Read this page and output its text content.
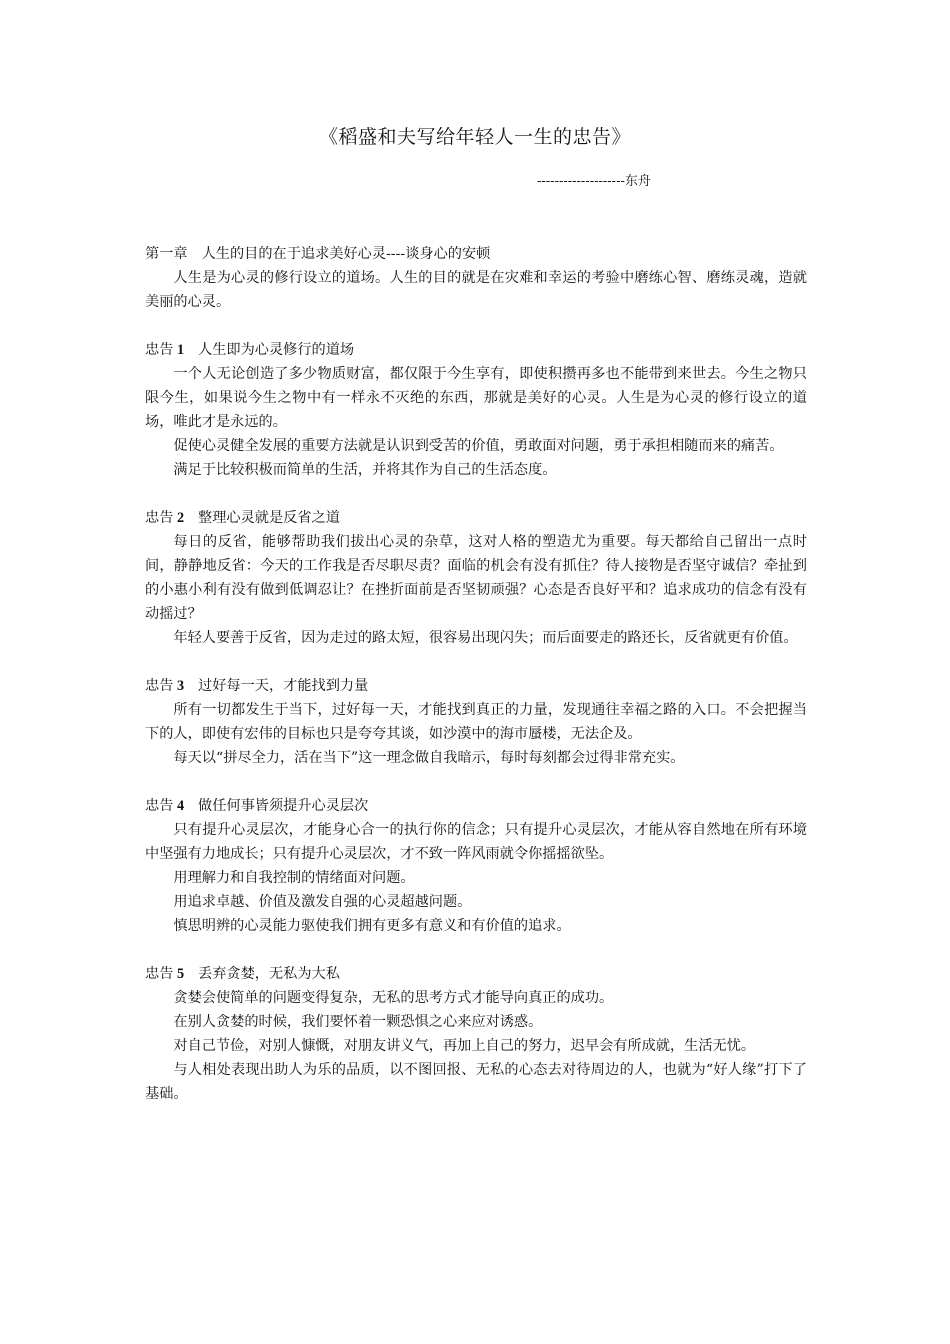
《稻盛和夫写给年轻人一生的忠告》
--------------------东舟

第一章 人生的目的在于追求美好心灵----谈身心的安顿

人生是为心灵的修行设立的道场。人生的目的就是在灾难和幸运的考验中磨练心智、磨练灵魂，造就美丽的心灵。

忠告 1 人生即为心灵修行的道场

一个人无论创造了多少物质财富，都仅限于今生享有，即使积攒再多也不能带到来世去。今生之物只限今生，如果说今生之物中有一样永不灭绝的东西，那就是美好的心灵。人生是为心灵的修行设立的道场，唯此才是永远的。

促使心灵健全发展的重要方法就是认识到受苦的价值，勇敢面对问题，勇于承担相随而来的痛苦。

满足于比较积极而简单的生活，并将其作为自己的生活态度。

忠告 2 整理心灵就是反省之道

每日的反省，能够帮助我们拔出心灵的杂草，这对人格的塑造尤为重要。每天都给自己留出一点时间，静静地反省：今天的工作我是否尽职尽责？面临的机会有没有抓住？待人接物是否坚守诚信？牵扯到的小惠小利有没有做到低调忍让？在挫折面前是否坚韧顽强？心态是否良好平和？追求成功的信念有没有动摇过？

年轻人要善于反省，因为走过的路太短，很容易出现闪失；而后面要走的路还长，反省就更有价值。

忠告 3 过好每一天，才能找到力量

所有一切都发生于当下，过好每一天，才能找到真正的力量，发现通往幸福之路的入口。不会把握当下的人，即使有宏伟的目标也只是夸夸其谈，如沙漠中的海市蜃楼，无法企及。

每天以“拼尽全力，活在当下”这一理念做自我暗示，每时每刻都会过得非常充实。

忠告 4 做任何事皆须提升心灵层次

只有提升心灵层次，才能身心合一的执行你的信念；只有提升心灵层次，才能从容自然地在所有环境中坚强有力地成长；只有提升心灵层次，才不致一阵风雨就令你摇摇欲坠。

用理解力和自我控制的情绪面对问题。

用追求卓越、价值及激发自强的心灵超越问题。

慎思明辨的心灵能力驱使我们拥有更多有意义和有价值的追求。

忠告 5 丢弃贪婪，无私为大私

贪婪会使简单的问题变得复杂，无私的思考方式才能导向真正的成功。

在别人贪婪的时候，我们要怀着一颗恐惧之心来应对诱惑。

对自己节俭，对别人慷慨，对朋友讲义气，再加上自己的努力，迟早会有所成就，生活无忧。

与人相处表现出助人为乐的品质，以不图回报、无私的心态去对待周边的人，也就为“好人缘”打下了基础。
